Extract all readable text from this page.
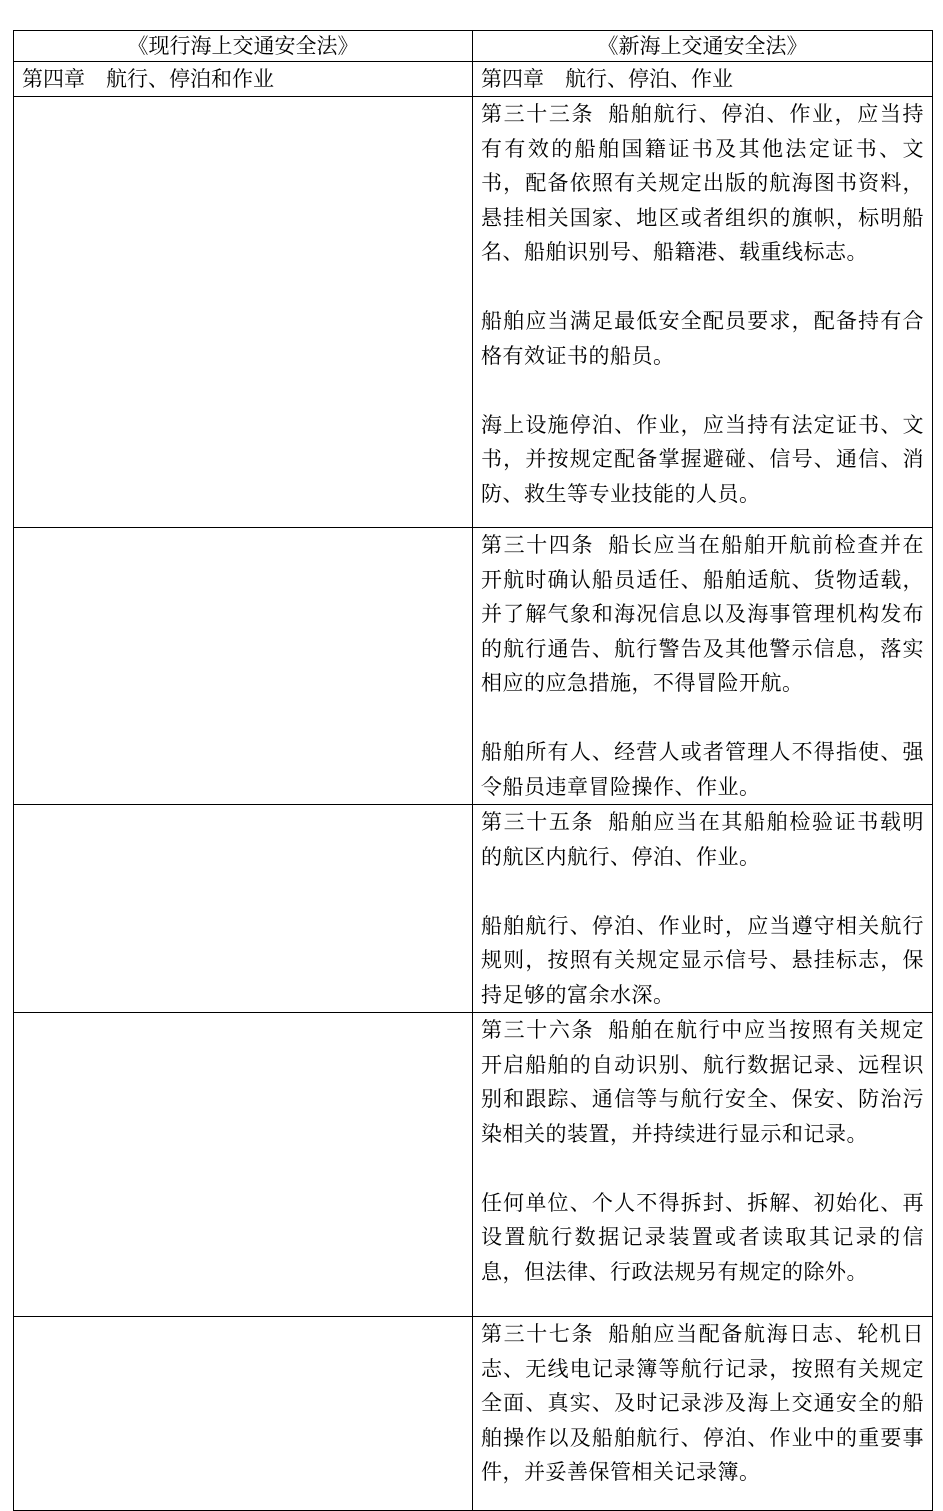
《现行海上交通安全法》	《新海上交通安全法》
第四章　航行、停泊和作业	第四章　航行、停泊、作业

	第三十三条 船舶航行、停泊、作业，应当持有有效的船舶国籍证书及其他法定证书、文书，配备依照有关规定出版的航海图书资料，悬挂相关国家、地区或者组织的旗帜，标明船名、船舶识别号、船籍港、载重线标志。

船舶应当满足最低安全配员要求，配备持有合格有效证书的船员。

海上设施停泊、作业，应当持有法定证书、文书，并按规定配备掌握避碰、信号、通信、消防、救生等专业技能的人员。

	第三十四条 船长应当在船舶开航前检查并在开航时确认船员适任、船舶适航、货物适载，并了解气象和海况信息以及海事管理机构发布的航行通告、航行警告及其他警示信息，落实相应的应急措施，不得冒险开航。

船舶所有人、经营人或者管理人不得指使、强令船员违章冒险操作、作业。

	第三十五条 船舶应当在其船舶检验证书载明的航区内航行、停泊、作业。

船舶航行、停泊、作业时，应当遵守相关航行规则，按照有关规定显示信号、悬挂标志，保持足够的富余水深。

	第三十六条 船舶在航行中应当按照有关规定开启船舶的自动识别、航行数据记录、远程识别和跟踪、通信等与航行安全、保安、防治污染相关的装置，并持续进行显示和记录。

任何单位、个人不得拆封、拆解、初始化、再设置航行数据记录装置或者读取其记录的信息，但法律、行政法规另有规定的除外。

	第三十七条 船舶应当配备航海日志、轮机日志、无线电记录簿等航行记录，按照有关规定全面、真实、及时记录涉及海上交通安全的船舶操作以及船舶航行、停泊、作业中的重要事件，并妥善保管相关记录簿。
